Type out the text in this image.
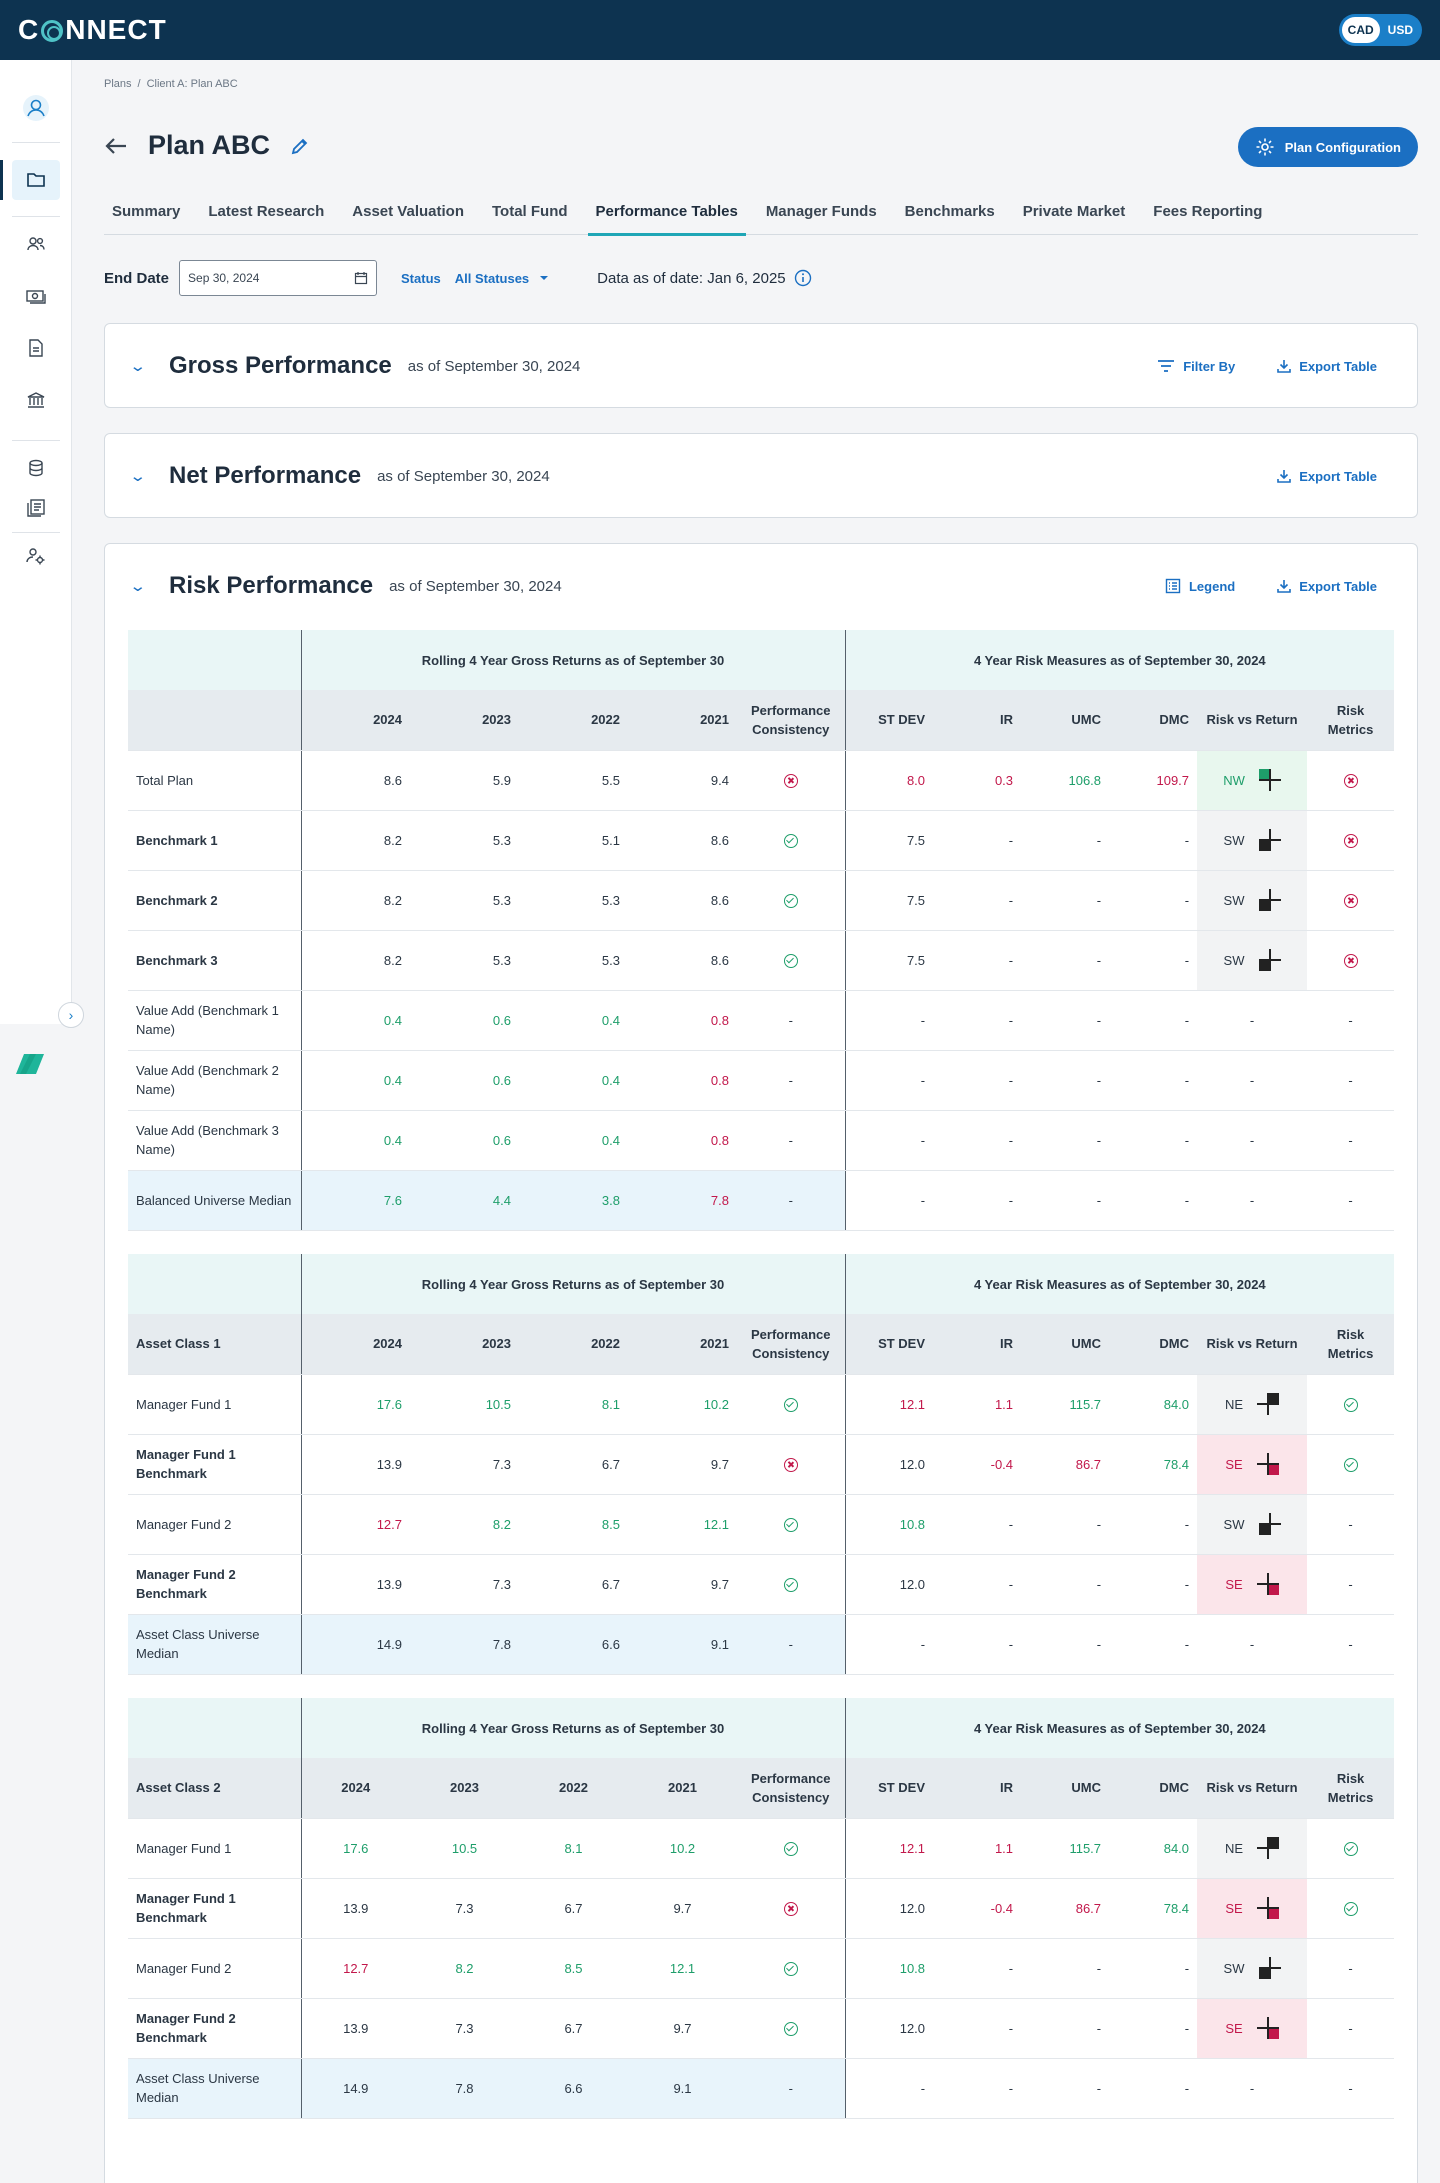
C NNECT	CAD	USD
›
Plans / Client A: Plan ABC
Plan ABC	Plan Configuration
Summary	Latest Research	Asset Valuation	Total Fund	Performance Tables	Manager Funds	Benchmarks	Private Market	Fees Reporting
End Date Sep 30, 2024	Status All Statuses	Data as of date: Jan 6, 2025
⌄ Gross Performance as of September 30, 2024	Filter By	Export Table
⌄ Net Performance as of September 30, 2024	Export Table
⌄ Risk Performance as of September 30, 2024	Legend	Export Table
	Rolling 4 Year Gross Returns as of September 30					4 Year Risk Measures as of September 30, 2024					
	2024	2023	2022	2021	Performance Consistency	ST DEV	IR	UMC	DMC	Risk vs Return	Risk Metrics
Total Plan	8.6	5.9	5.5	9.4		8.0	0.3	106.8	109.7	NW	

Benchmark 1	8.2	5.3	5.1	8.6		7.5	-	-	-	SW	

Benchmark 2	8.2	5.3	5.3	8.6		7.5	-	-	-	SW	

Benchmark 3	8.2	5.3	5.3	8.6		7.5	-	-	-	SW	

Value Add (Benchmark 1 Name)	0.4	0.6	0.4	0.8	-	-	-	-	-	-	-
Value Add (Benchmark 2 Name)	0.4	0.6	0.4	0.8	-	-	-	-	-	-	-
Value Add (Benchmark 3 Name)	0.4	0.6	0.4	0.8	-	-	-	-	-	-	-
Balanced Universe Median	7.6	4.4	3.8	7.8	-	-	-	-	-	-	-
	Rolling 4 Year Gross Returns as of September 30					4 Year Risk Measures as of September 30, 2024					
Asset Class 1	2024	2023	2022	2021	Performance Consistency	ST DEV	IR	UMC	DMC	Risk vs Return	Risk Metrics
Manager Fund 1	17.6	10.5	8.1	10.2		12.1	1.1	115.7	84.0	NE	

Manager Fund 1 Benchmark	13.9	7.3	6.7	9.7		12.0	-0.4	86.7	78.4	SE	

Manager Fund 2	12.7	8.2	8.5	12.1		10.8	-	-	-	SW	-
Manager Fund 2 Benchmark	13.9	7.3	6.7	9.7		12.0	-	-	-	SE	-
Asset Class Universe Median	14.9	7.8	6.6	9.1	-	-	-	-	-	-	-
	Rolling 4 Year Gross Returns as of September 30					4 Year Risk Measures as of September 30, 2024					
Asset Class 2	2024	2023	2022	2021	Performance Consistency	ST DEV	IR	UMC	DMC	Risk vs Return	Risk Metrics
Manager Fund 1	17.6	10.5	8.1	10.2		12.1	1.1	115.7	84.0	NE	

Manager Fund 1 Benchmark	13.9	7.3	6.7	9.7		12.0	-0.4	86.7	78.4	SE	

Manager Fund 2	12.7	8.2	8.5	12.1		10.8	-	-	-	SW	-
Manager Fund 2 Benchmark	13.9	7.3	6.7	9.7		12.0	-	-	-	SE	-
Asset Class Universe Median	14.9	7.8	6.6	9.1	-	-	-	-	-	-	-
